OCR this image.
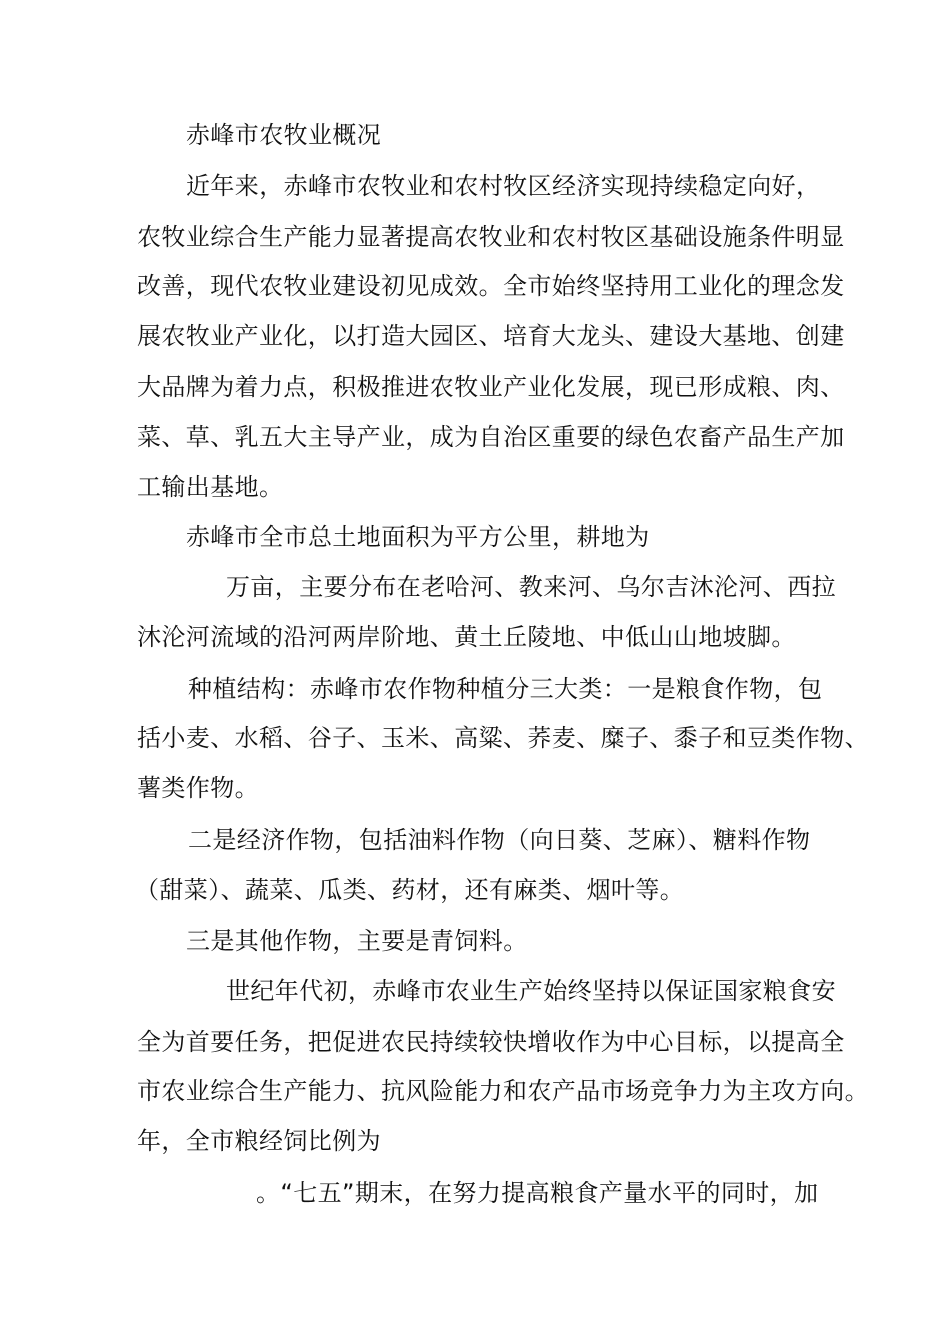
赤峰市农牧业概况
近年来，赤峰市农牧业和农村牧区经济实现持续稳定向好，
农牧业综合生产能力显著提高农牧业和农村牧区基础设施条件明显
改善，现代农牧业建设初见成效。全市始终坚持用工业化的理念发
展农牧业产业化，以打造大园区、培育大龙头、建设大基地、创建
大品牌为着力点，积极推进农牧业产业化发展，现已形成粮、肉、
菜、草、乳五大主导产业，成为自治区重要的绿色农畜产品生产加
工输出基地。
赤峰市全市总土地面积为平方公里，耕地为
万亩，主要分布在老哈河、教来河、乌尔吉沐沦河、西拉
沐沦河流域的沿河两岸阶地、黄土丘陵地、中低山山地坡脚。
种植结构：赤峰市农作物种植分三大类：一是粮食作物，包
括小麦、水稻、谷子、玉米、高粱、荞麦、糜子、黍子和豆类作物、
薯类作物。
二是经济作物，包括油料作物（向日葵、芝麻）、糖料作物
（甜菜）、蔬菜、瓜类、药材，还有麻类、烟叶等。
三是其他作物，主要是青饲料。
世纪年代初，赤峰市农业生产始终坚持以保证国家粮食安
全为首要任务，把促进农民持续较快增收作为中心目标，以提高全
市农业综合生产能力、抗风险能力和农产品市场竞争力为主攻方向。
年，全市粮经饲比例为
。“七五”期末，在努力提高粮食产量水平的同时，加
